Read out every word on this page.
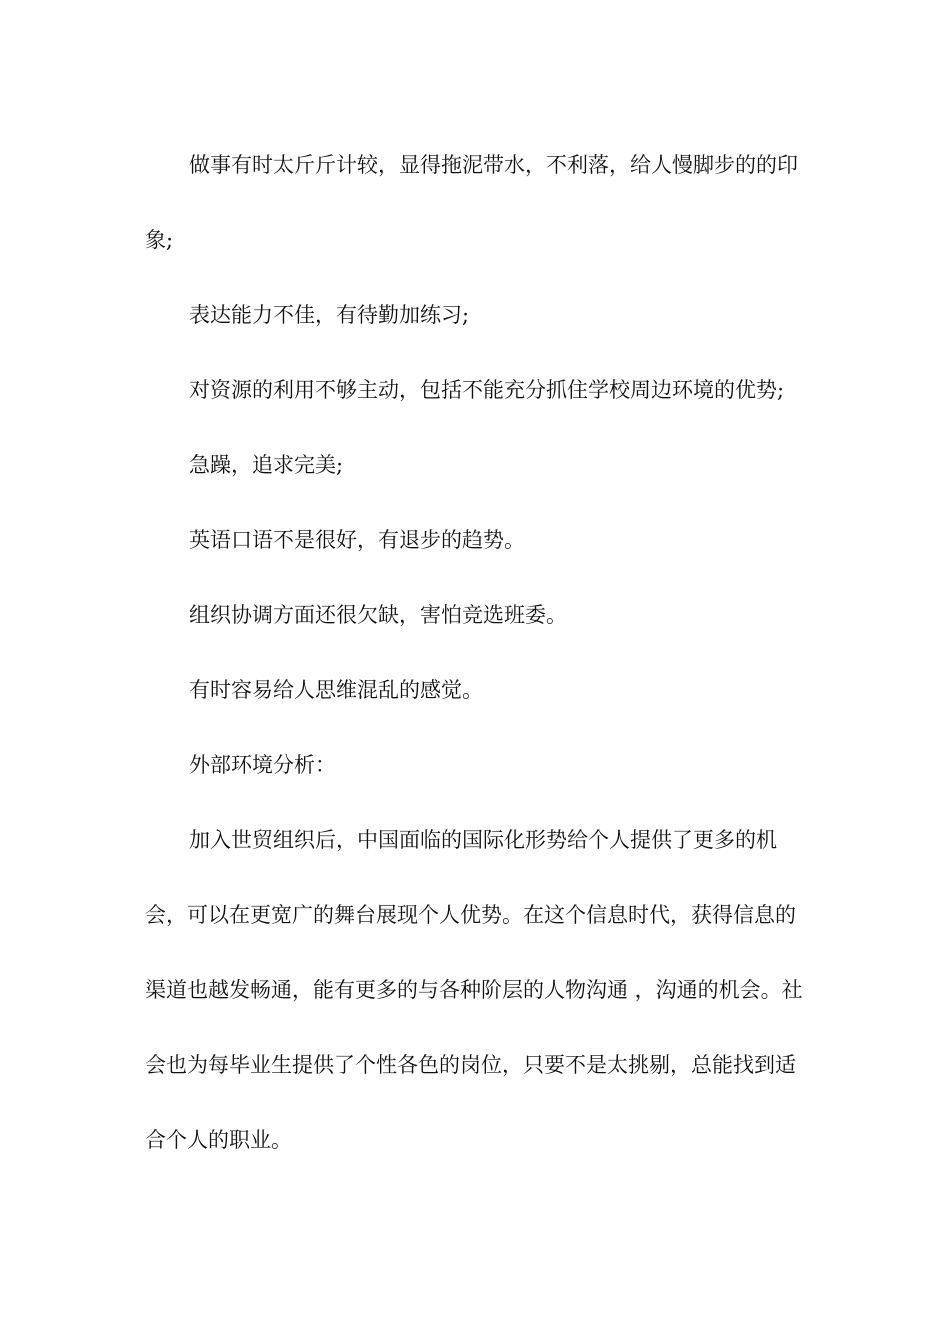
做事有时太斤斤计较，显得拖泥带水，不利落，给人慢脚步的的印象;

表达能力不佳，有待勤加练习;

对资源的利用不够主动，包括不能充分抓住学校周边环境的优势;

急躁，追求完美;

英语口语不是很好，有退步的趋势。

组织协调方面还很欠缺，害怕竞选班委。

有时容易给人思维混乱的感觉。

外部环境分析：

加入世贸组织后，中国面临的国际化形势给个人提供了更多的机会，可以在更宽广的舞台展现个人优势。在这个信息时代，获得信息的渠道也越发畅通，能有更多的与各种阶层的人物沟通 ，沟通的机会。社会也为每毕业生提供了个性各色的岗位，只要不是太挑剔，总能找到适合个人的职业。
